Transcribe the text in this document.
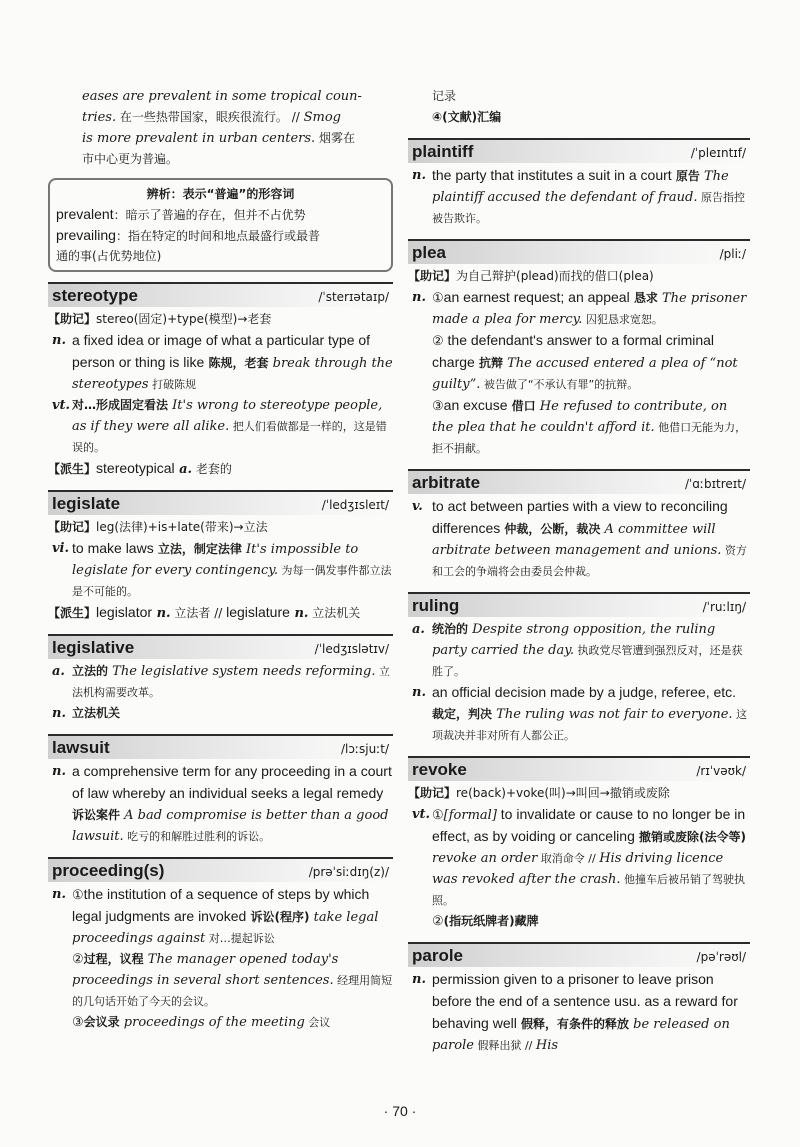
eases are prevalent in some tropical coun-
tries. 在一些热带国家，眼疾很流行。 // Smog
is more prevalent in urban centers. 烟雾在
市中心更为普遍。
辨析：表示“普遍”的形容词
prevalent：暗示了普遍的存在，但并不占优势
prevailing：指在特定的时间和地点最盛行或最普
通的事(占优势地位)
stereotype	/ˈsterɪətaɪp/
【助记】stereo(固定)+type(模型)→老套
n. a fixed idea or image of what a particular type of person or thing is like 陈规，老套 break through the stereotypes 打破陈规
vt. 对…形成固定看法 It's wrong to stereotype people, as if they were all alike. 把人们看做都是一样的，这是错误的。
【派生】stereotypical a. 老套的
legislate	/ˈledʒɪsleɪt/
【助记】leg(法律)+is+late(带来)→立法
vi. to make laws 立法，制定法律 It's impossible to legislate for every contingency. 为每一偶发事件都立法是不可能的。
【派生】legislator n. 立法者 // legislature n. 立法机关
legislative	/ˈledʒɪslətɪv/
a. 立法的 The legislative system needs reforming. 立法机构需要改革。
n. 立法机关
lawsuit	/lɔːsjuːt/
n. a comprehensive term for any proceeding in a court of law whereby an individual seeks a legal remedy 诉讼案件 A bad compromise is better than a good lawsuit. 吃亏的和解胜过胜利的诉讼。
proceeding(s)	/prəˈsiːdɪŋ(z)/
n. ①the institution of a sequence of steps by which legal judgments are invoked 诉讼(程序) take legal proceedings against 对…提起诉讼
②过程，议程 The manager opened today's proceedings in several short sentences. 经理用简短的几句话开始了今天的会议。
③会议录 proceedings of the meeting 会议
记录
④(文献)汇编
plaintiff	/ˈpleɪntɪf/
n. the party that institutes a suit in a court 原告 The plaintiff accused the defendant of fraud. 原告指控被告欺诈。
plea	/pliː/
【助记】为自己辩护(plead)而找的借口(plea)
n. ①an earnest request; an appeal 恳求 The prisoner made a plea for mercy. 囚犯恳求宽恕。
② the defendant's answer to a formal criminal charge 抗辩 The accused entered a plea of “not guilty”. 被告做了“不承认有罪”的抗辩。
③an excuse 借口 He refused to contribute, on the plea that he couldn't afford it. 他借口无能为力，拒不捐献。
arbitrate	/ˈɑːbɪtreɪt/
v. to act between parties with a view to reconciling differences 仲裁，公断，裁决 A committee will arbitrate between management and unions. 资方和工会的争端将会由委员会仲裁。
ruling	/ˈruːlɪŋ/
a. 统治的 Despite strong opposition, the ruling party carried the day. 执政党尽管遭到强烈反对，还是获胜了。
n. an official decision made by a judge, referee, etc. 裁定，判决 The ruling was not fair to everyone. 这项裁决并非对所有人都公正。
revoke	/rɪˈvəʊk/
【助记】re(back)+voke(叫)→叫回→撤销或废除
vt. ①[formal] to invalidate or cause to no longer be in effect, as by voiding or canceling 撤销或废除(法令等) revoke an order 取消命令 // His driving licence was revoked after the crash. 他撞车后被吊销了驾驶执照。
②(指玩纸牌者)藏牌
parole	/pəˈrəʊl/
n. permission given to a prisoner to leave prison before the end of a sentence usu. as a reward for behaving well 假释，有条件的释放 be released on parole 假释出狱 // His
· 70 ·
